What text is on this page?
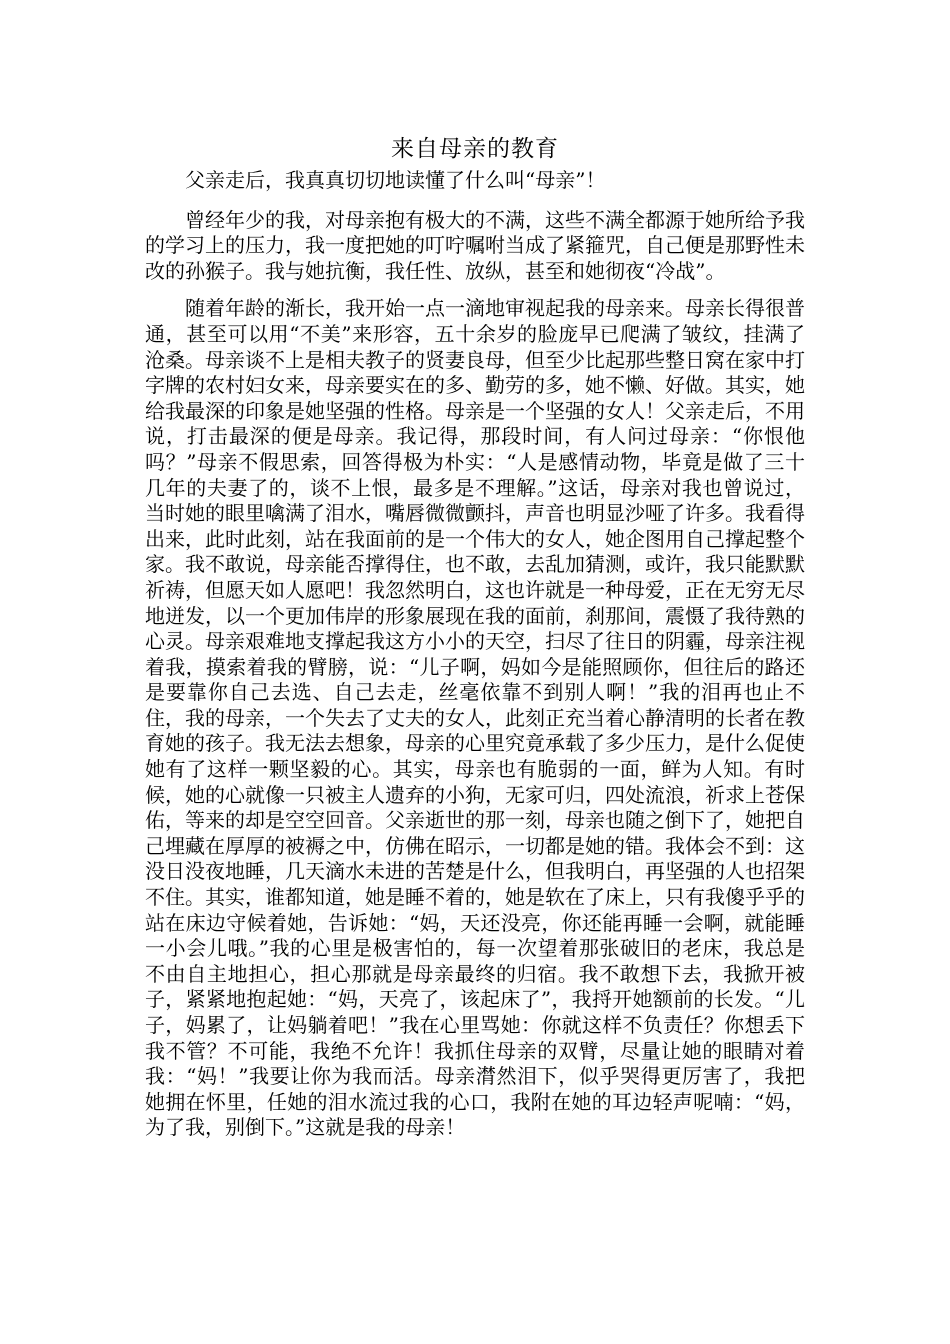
来自母亲的教育

父亲走后，我真真切切地读懂了什么叫“母亲”！

曾经年少的我，对母亲抱有极大的不满，这些不满全都源于她所给予我的学习上的压力，我一度把她的叮咛嘱咐当成了紧箍咒，自己便是那野性未改的孙猴子。我与她抗衡，我任性、放纵，甚至和她彻夜“冷战”。

随着年龄的渐长，我开始一点一滴地审视起我的母亲来。母亲长得很普通，甚至可以用“不美”来形容，五十余岁的脸庞早已爬满了皱纹，挂满了沧桑。母亲谈不上是相夫教子的贤妻良母，但至少比起那些整日窝在家中打字牌的农村妇女来，母亲要实在的多、勤劳的多，她不懒、好做。其实，她给我最深的印象是她坚强的性格。母亲是一个坚强的女人！父亲走后，不用说，打击最深的便是母亲。我记得，那段时间，有人问过母亲：“你恨他吗？”母亲不假思索，回答得极为朴实：“人是感情动物，毕竟是做了三十几年的夫妻了的，谈不上恨，最多是不理解。”这话，母亲对我也曾说过，当时她的眼里噙满了泪水，嘴唇微微颤抖，声音也明显沙哑了许多。我看得出来，此时此刻，站在我面前的是一个伟大的女人，她企图用自己撑起整个家。我不敢说，母亲能否撑得住，也不敢，去乱加猜测，或许，我只能默默祈祷，但愿天如人愿吧！我忽然明白，这也许就是一种母爱，正在无穷无尽地迸发，以一个更加伟岸的形象展现在我的面前，刹那间，震慑了我待熟的心灵。母亲艰难地支撑起我这方小小的天空，扫尽了往日的阴霾，母亲注视着我，摸索着我的臂膀，说：“儿子啊，妈如今是能照顾你，但往后的路还是要靠你自己去选、自己去走，丝毫依靠不到别人啊！”我的泪再也止不住，我的母亲，一个失去了丈夫的女人，此刻正充当着心静清明的长者在教育她的孩子。我无法去想象，母亲的心里究竟承载了多少压力，是什么促使她有了这样一颗坚毅的心。其实，母亲也有脆弱的一面，鲜为人知。有时候，她的心就像一只被主人遗弃的小狗，无家可归，四处流浪，祈求上苍保佑，等来的却是空空回音。父亲逝世的那一刻，母亲也随之倒下了，她把自己埋藏在厚厚的被褥之中，仿佛在昭示，一切都是她的错。我体会不到：这没日没夜地睡，几天滴水未进的苦楚是什么，但我明白，再坚强的人也招架不住。其实，谁都知道，她是睡不着的，她是软在了床上，只有我傻乎乎的站在床边守候着她，告诉她：“妈，天还没亮，你还能再睡一会啊，就能睡一小会儿哦。”我的心里是极害怕的，每一次望着那张破旧的老床，我总是不由自主地担心，担心那就是母亲最终的归宿。我不敢想下去，我掀开被子，紧紧地抱起她：“妈，天亮了，该起床了”，我捋开她额前的长发。“儿子，妈累了，让妈躺着吧！”我在心里骂她：你就这样不负责任？你想丢下我不管？不可能，我绝不允许！我抓住母亲的双臂，尽量让她的眼睛对着我：“妈！”我要让你为我而活。母亲潸然泪下，似乎哭得更厉害了，我把她拥在怀里，任她的泪水流过我的心口，我附在她的耳边轻声呢喃：“妈，为了我，别倒下。”这就是我的母亲！
